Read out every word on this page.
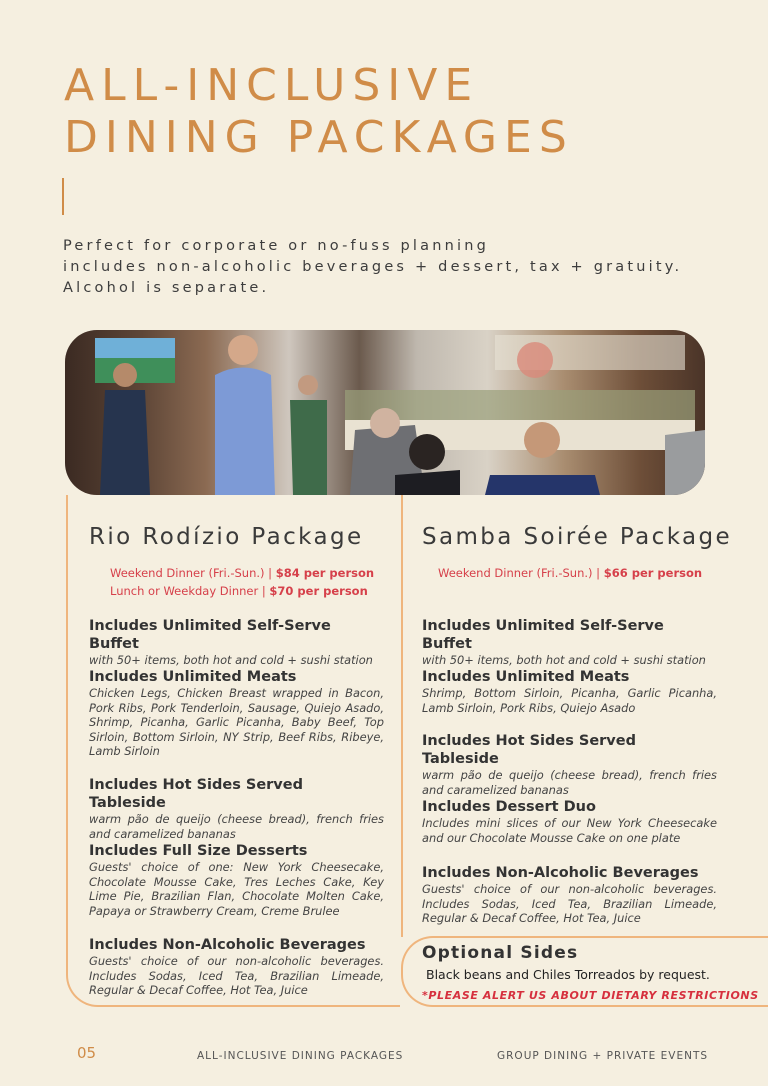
ALL-INCLUSIVE
DINING PACKAGES
Perfect for corporate or no-fuss planning
includes non-alcoholic beverages + dessert, tax + gratuity.
Alcohol is separate.
Rio Rodízio Package
Weekend Dinner (Fri.-Sun.) | $84 per person
Lunch or Weekday Dinner | $70 per person
Includes Unlimited Self-Serve Buffet

with 50+ items, both hot and cold + sushi station

Includes Unlimited Meats

Chicken Legs, Chicken Breast wrapped in Bacon, Pork Ribs, Pork Tenderloin, Sausage, Quiejo Asado, Shrimp, Picanha, Garlic Picanha, Baby Beef, Top Sirloin, Bottom Sirloin, NY Strip, Beef Ribs, Ribeye, Lamb Sirloin

Includes Hot Sides Served Tableside

warm pão de queijo (cheese bread), french fries and caramelized bananas

Includes Full Size Desserts

Guests' choice of one: New York Cheesecake, Chocolate Mousse Cake, Tres Leches Cake, Key Lime Pie, Brazilian Flan, Chocolate Molten Cake, Papaya or Strawberry Cream, Creme Brulee

Includes Non-Alcoholic Beverages

Guests' choice of our non-alcoholic beverages. Includes Sodas, Iced Tea, Brazilian Limeade, Regular & Decaf Coffee, Hot Tea, Juice

Samba Soirée Package
Weekend Dinner (Fri.-Sun.) | $66 per person
Includes Unlimited Self-Serve Buffet

with 50+ items, both hot and cold + sushi station

Includes Unlimited Meats

Shrimp, Bottom Sirloin, Picanha, Garlic Picanha, Lamb Sirloin, Pork Ribs, Quiejo Asado

Includes Hot Sides Served Tableside

warm pão de queijo (cheese bread), french fries and caramelized bananas

Includes Dessert Duo

Includes mini slices of our New York Cheesecake and our Chocolate Mousse Cake on one plate

Includes Non-Alcoholic Beverages

Guests' choice of our non-alcoholic beverages. Includes Sodas, Iced Tea, Brazilian Limeade, Regular & Decaf Coffee, Hot Tea, Juice

Optional Sides
Black beans and Chiles Torreados by request.
*PLEASE ALERT US ABOUT DIETARY RESTRICTIONS
05	ALL-INCLUSIVE DINING PACKAGES	GROUP DINING + PRIVATE EVENTS
